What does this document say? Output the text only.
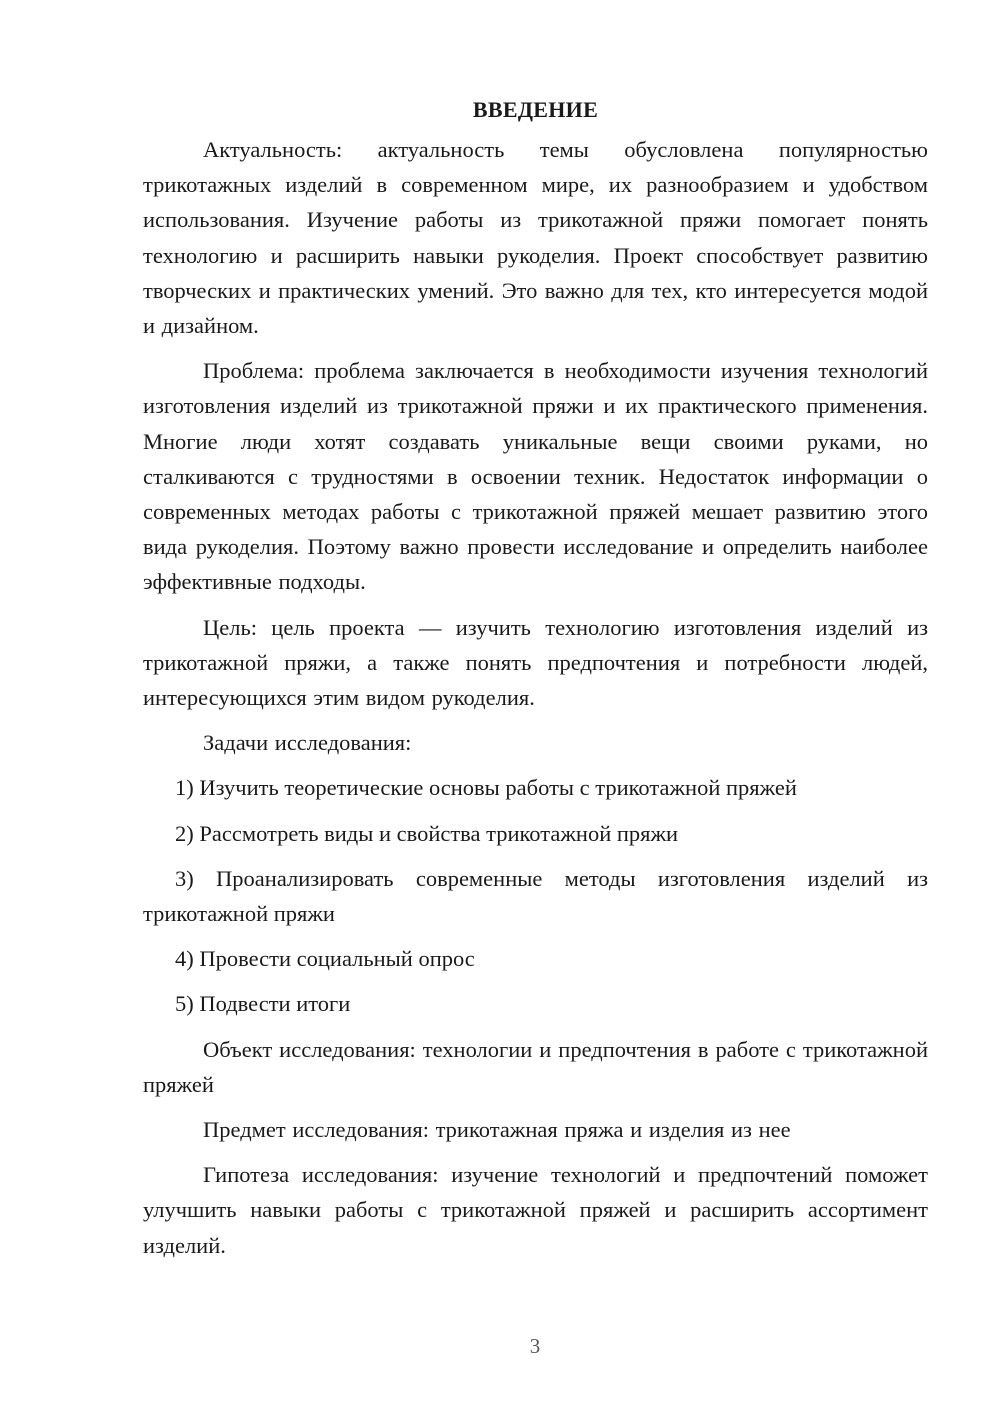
ВВЕДЕНИЕ

Актуальность: актуальность темы обусловлена популярностью трикотажных изделий в современном мире, их разнообразием и удобством использования. Изучение работы из трикотажной пряжи помогает понять технологию и расширить навыки рукоделия. Проект способствует развитию творческих и практических умений. Это важно для тех, кто интересуется модой и дизайном.

Проблема: проблема заключается в необходимости изучения технологий изготовления изделий из трикотажной пряжи и их практического применения. Многие люди хотят создавать уникальные вещи своими руками, но сталкиваются с трудностями в освоении техник. Недостаток информации о современных методах работы с трикотажной пряжей мешает развитию этого вида рукоделия. Поэтому важно провести исследование и определить наиболее эффективные подходы.

Цель: цель проекта — изучить технологию изготовления изделий из трикотажной пряжи, а также понять предпочтения и потребности людей, интересующихся этим видом рукоделия.

Задачи исследования:

1) Изучить теоретические основы работы с трикотажной пряжей

2) Рассмотреть виды и свойства трикотажной пряжи

3) Проанализировать современные методы изготовления изделий из трикотажной пряжи

4) Провести социальный опрос

5) Подвести итоги

Объект исследования: технологии и предпочтения в работе с трикотажной пряжей

Предмет исследования: трикотажная пряжа и изделия из нее

Гипотеза исследования: изучение технологий и предпочтений поможет улучшить навыки работы с трикотажной пряжей и расширить ассортимент изделий.

3
